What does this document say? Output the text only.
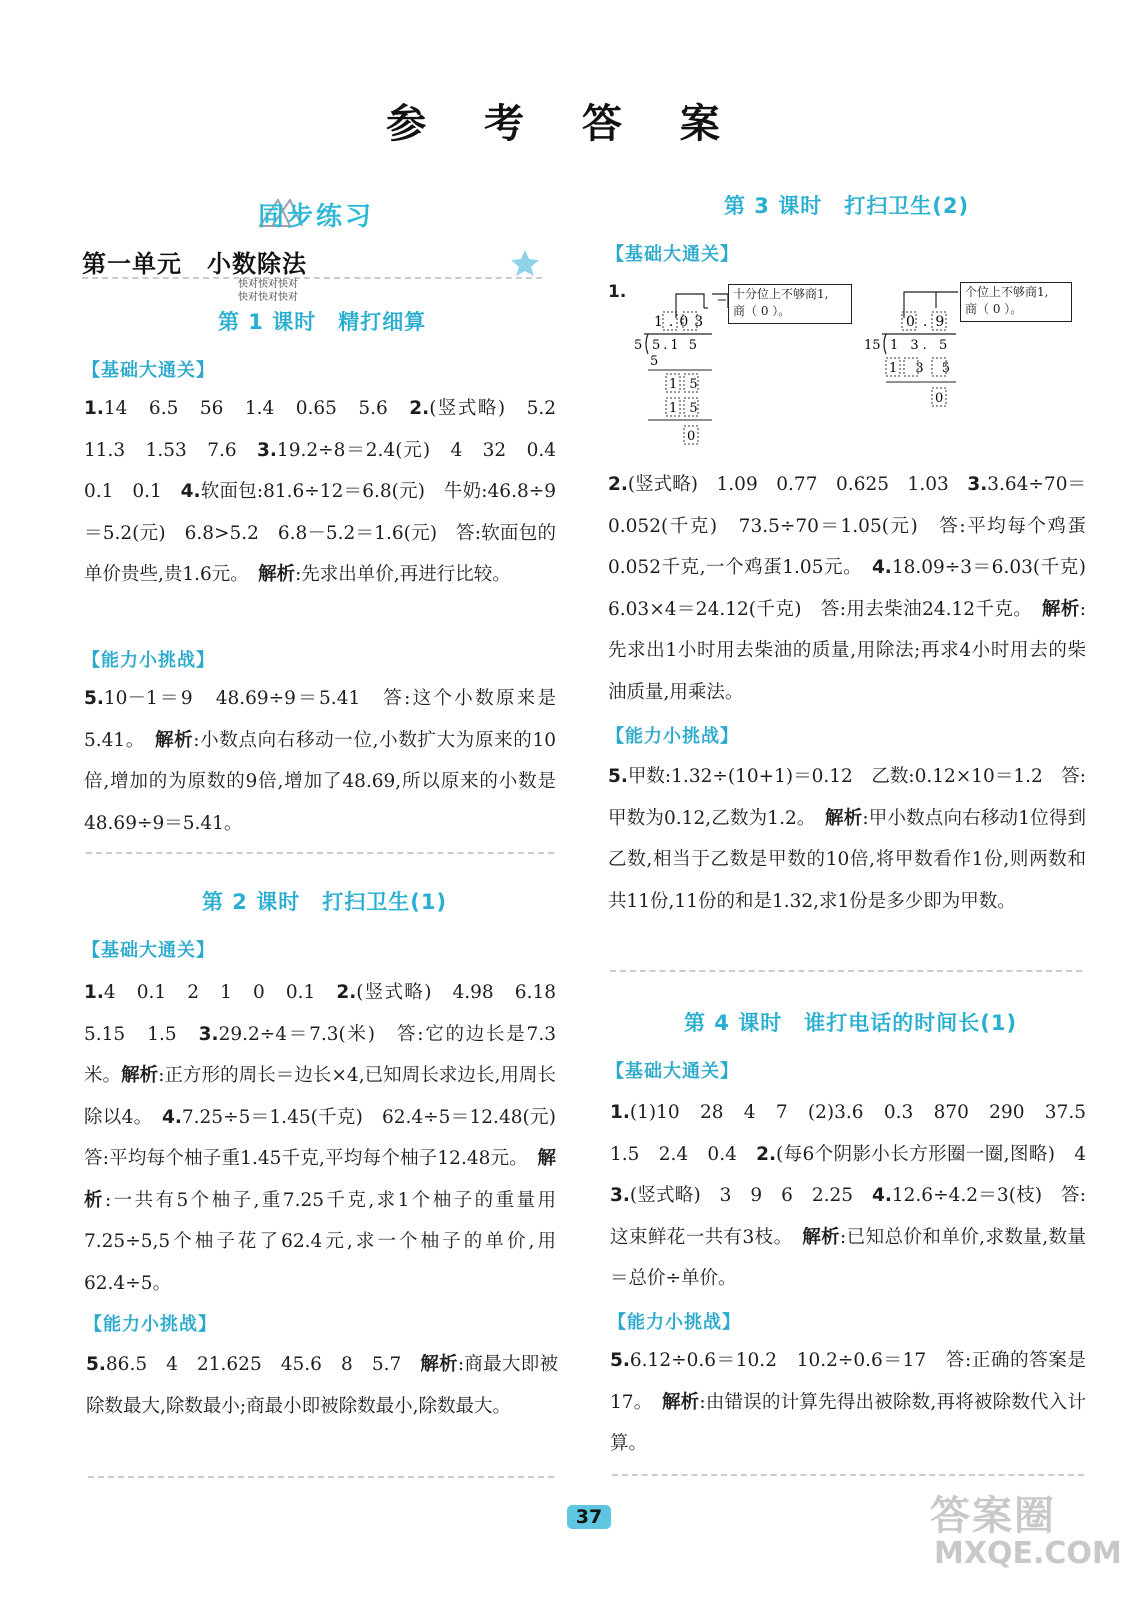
参 考 答 案
同步练习
第一单元　小数除法
快对快对快对
快对快对快对
第 1 课时　精打细算
【基础大通关】
1.14　6.5　56　1.4　0.65　5.6　2.(竖式略)　5.2　11.3　1.53　7.6　3.19.2÷8＝2.4(元)　4　32　0.4　0.1　0.1　4.软面包:81.6÷12＝6.8(元)　牛奶:46.8÷9＝5.2(元)　6.8>5.2　6.8－5.2＝1.6(元)　答:软面包的单价贵些,贵1.6元。　解析:先求出单价,再进行比较。
【能力小挑战】
5.10－1＝9　48.69÷9＝5.41　答:这个小数原来是5.41。　解析:小数点向右移动一位,小数扩大为原来的10倍,增加的为原数的9倍,增加了48.69,所以原来的小数是48.69÷9＝5.41。
第 2 课时　打扫卫生(1)
【基础大通关】
1.4　0.1　2　1　0　0.1　2.(竖式略)　4.98　6.18　5.15　1.5　3.29.2÷4＝7.3(米)　答:它的边长是7.3米。解析:正方形的周长＝边长×4,已知周长求边长,用周长除以4。　4.7.25÷5＝1.45(千克)　62.4÷5＝12.48(元)　答:平均每个柚子重1.45千克,平均每个柚子12.48元。　解析:一共有5个柚子,重7.25千克,求1个柚子的重量用7.25÷5,5个柚子花了62.4元,求一个柚子的单价,用62.4÷5。
【能力小挑战】
5.86.5　4　21.625　45.6　8　5.7　解析:商最大即被除数最大,除数最小;商最小即被除数最小,除数最大。
第 3 课时　打扫卫生(2)
【基础大通关】
1.
1.03
5 5.1 5
5
1 5
1 5
0
十分位上不够商1,
商（ 0 ）。
0.9
15 1 3. 5
1 3 5
0
个位上不够商1,
商（ 0 ）。
2.(竖式略)　1.09　0.77　0.625　1.03　3.3.64÷70＝0.052(千克)　73.5÷70＝1.05(元)　答:平均每个鸡蛋0.052千克,一个鸡蛋1.05元。　4.18.09÷3＝6.03(千克)　6.03×4＝24.12(千克)　答:用去柴油24.12千克。　解析:先求出1小时用去柴油的质量,用除法;再求4小时用去的柴油质量,用乘法。
【能力小挑战】
5.甲数:1.32÷(10+1)＝0.12　乙数:0.12×10＝1.2　答:甲数为0.12,乙数为1.2。　解析:甲小数点向右移动1位得到乙数,相当于乙数是甲数的10倍,将甲数看作1份,则两数和共11份,11份的和是1.32,求1份是多少即为甲数。
第 4 课时　谁打电话的时间长(1)
【基础大通关】
1.(1)10　28　4　7　(2)3.6　0.3　870　290　37.5　1.5　2.4　0.4　2.(每6个阴影小长方形圈一圈,图略)　4　3.(竖式略)　3　9　6　2.25　4.12.6÷4.2＝3(枝)　答:这束鲜花一共有3枝。　解析:已知总价和单价,求数量,数量＝总价÷单价。
【能力小挑战】
5.6.12÷0.6＝10.2　10.2÷0.6＝17　答:正确的答案是17。　解析:由错误的计算先得出被除数,再将被除数代入计算。
37	答案圈
MXQE.COM
